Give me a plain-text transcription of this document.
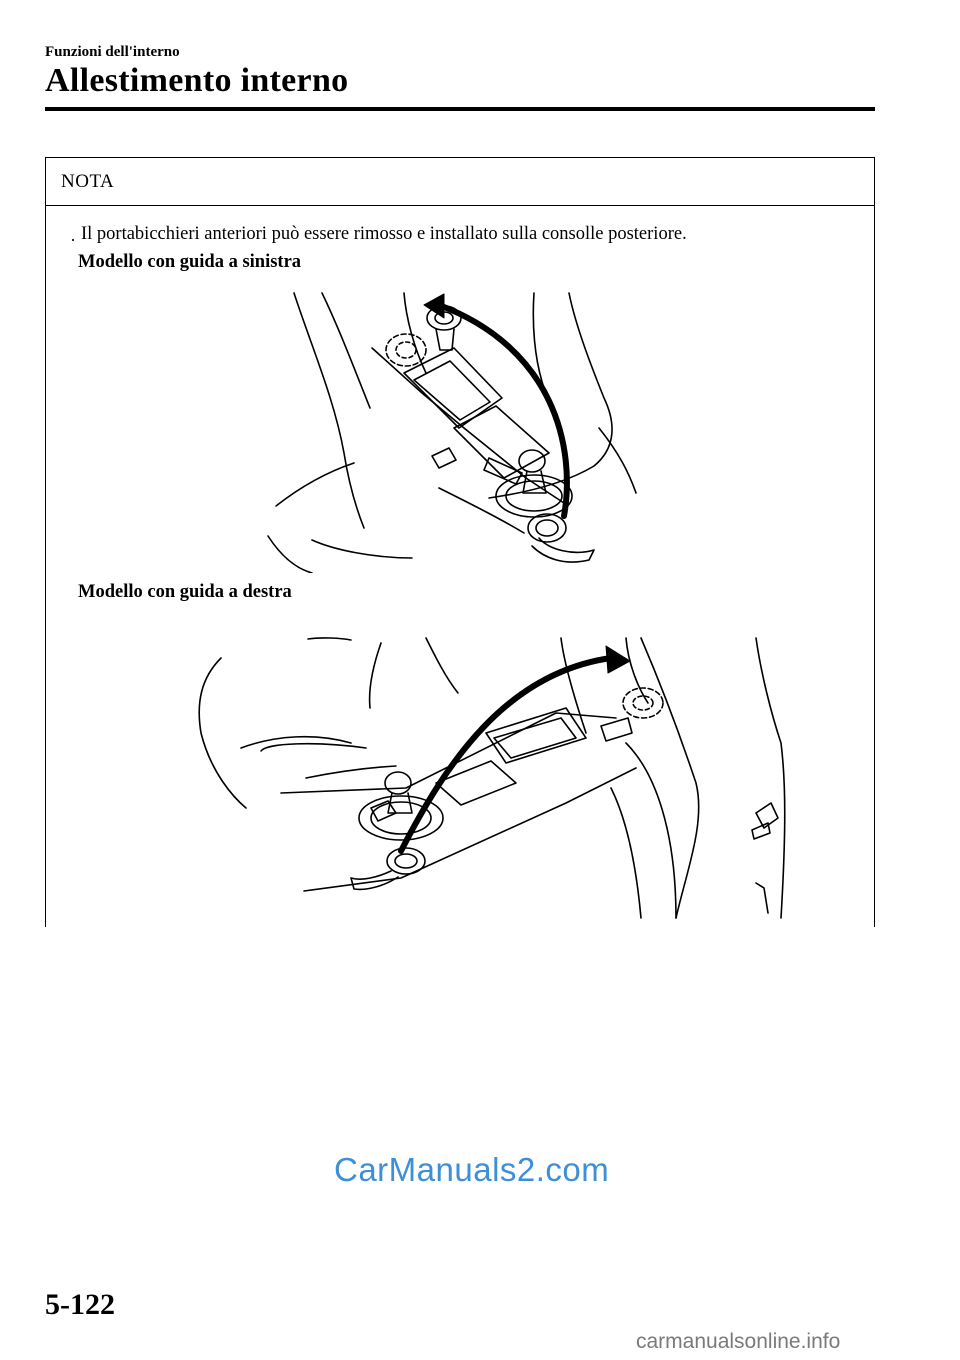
Funzioni dell'interno
Allestimento interno
NOTA
· Il portabicchieri anteriori può essere rimosso e installato sulla consolle posteriore.
Modello con guida a sinistra
Modello con guida a destra
CarManuals2.com
5-122
carmanualsonline.info
